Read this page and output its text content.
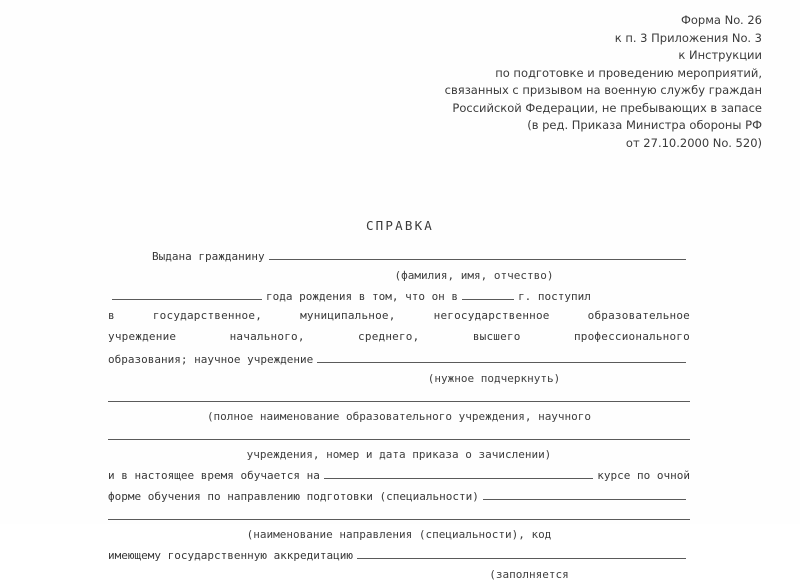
Форма No. 26
к п. 3 Приложения No. 3
к Инструкции
по подготовке и проведению мероприятий,
связанных с призывом на военную службу граждан
Российской Федерации, не пребывающих в запасе
(в ред. Приказа Министра обороны РФ
от 27.10.2000 No. 520)
СПРАВКА
Выдана гражданину
(фамилия, имя, отчество)
года рождения в том, что он в	г. поступил
в	государственное,	муниципальное,	негосударственное	образовательное
учреждение	начального,	среднего,	высшего	профессионального
образования; научное учреждение
(нужное подчеркнуть)
(полное наименование образовательного учреждения, научного
учреждения, номер и дата приказа о зачислении)
и в настоящее время обучается на	курсе по очной
форме обучения по направлению подготовки (специальности)
(наименование направления (специальности), код
имеющему государственную аккредитацию
(заполняется
